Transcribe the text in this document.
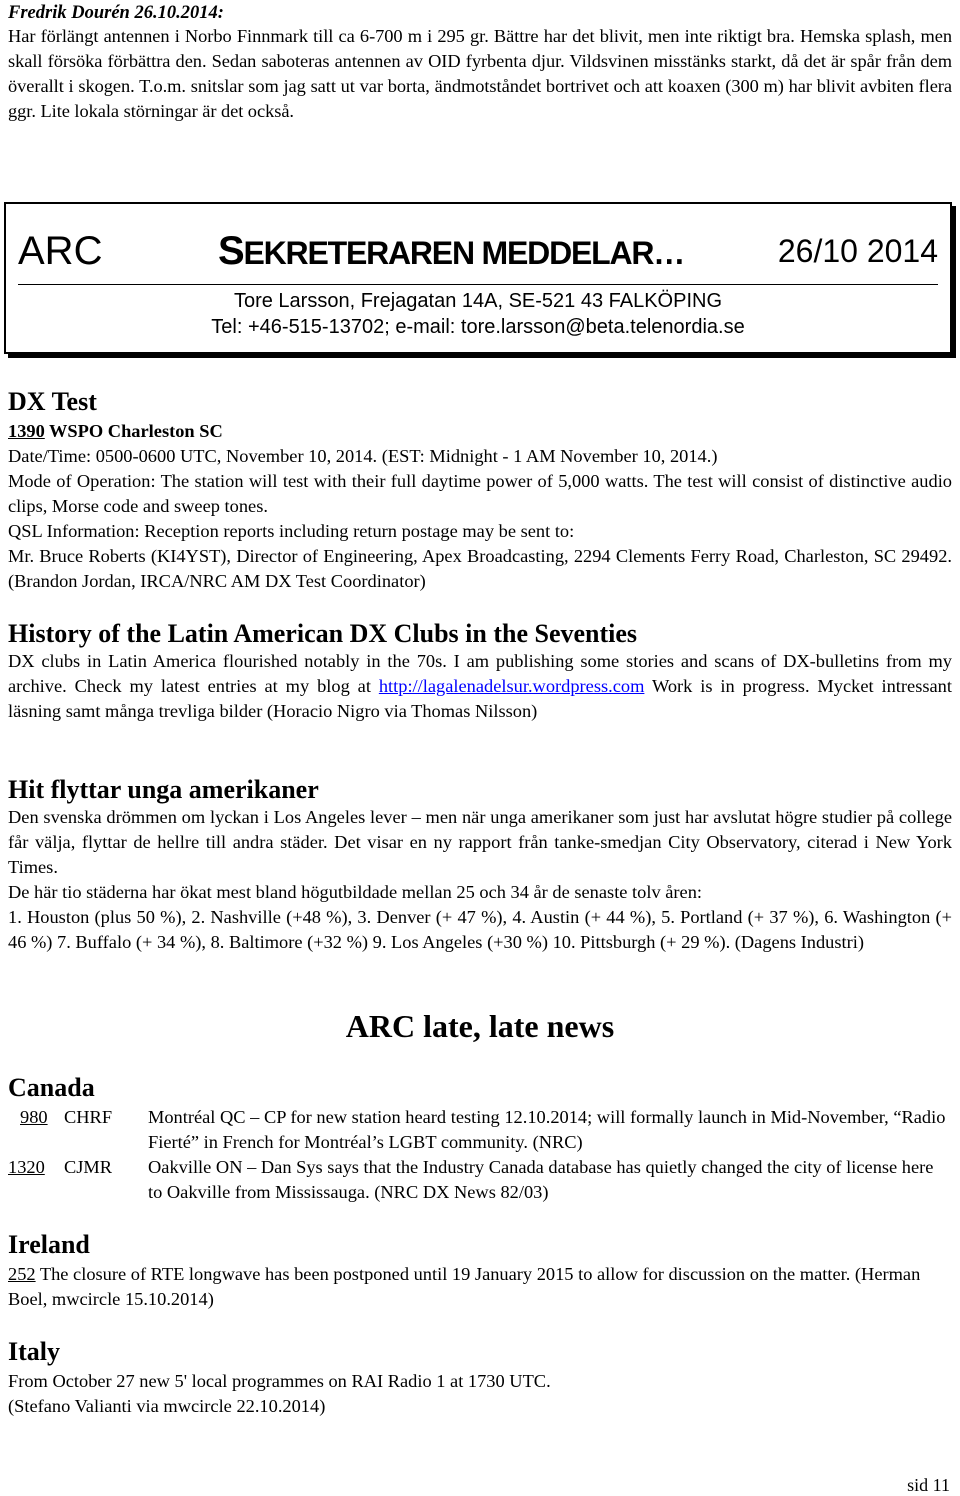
Fredrik Dourén 26.10.2014:

Har förlängt antennen i Norbo Finnmark till ca 6-700 m i 295 gr. Bättre har det blivit, men inte riktigt bra. Hemska splash, men skall försöka förbättra den. Sedan saboteras antennen av OID fyrbenta djur. Vildsvinen misstänks starkt, då det är spår från dem överallt i skogen. T.o.m. snitslar som jag satt ut var borta, ändmotståndet bortrivet och att koaxen (300 m) har blivit avbiten flera ggr. Lite lokala störningar är det också.

ARC	SEKRETERAREN MEDDELAR…	26/10 2014
Tore Larsson, Frejagatan 14A, SE-521 43 FALKÖPING
Tel: +46-515-13702; e-mail: tore.larsson@beta.telenordia.se
DX Test

1390 WSPO Charleston SC

Date/Time: 0500-0600 UTC, November 10, 2014. (EST: Midnight - 1 AM November 10, 2014.)

Mode of Operation: The station will test with their full daytime power of 5,000 watts. The test will consist of distinctive audio clips, Morse code and sweep tones.

QSL Information: Reception reports including return postage may be sent to:

Mr. Bruce Roberts (KI4YST), Director of Engineering, Apex Broadcasting, 2294 Clements Ferry Road, Charleston, SC 29492. (Brandon Jordan, IRCA/NRC AM DX Test Coordinator)

History of the Latin American DX Clubs in the Seventies

DX clubs in Latin America flourished notably in the 70s. I am publishing some stories and scans of DX-bulletins from my archive. Check my latest entries at my blog at http://lagalenadelsur.wordpress.com Work is in progress. Mycket intressant läsning samt många trevliga bilder (Horacio Nigro via Thomas Nilsson)

Hit flyttar unga amerikaner

Den svenska drömmen om lyckan i Los Angeles lever – men när unga amerikaner som just har avslutat högre studier på college får välja, flyttar de hellre till andra städer. Det visar en ny rapport från tanke-smedjan City Observatory, citerad i New York Times.

De här tio städerna har ökat mest bland högutbildade mellan 25 och 34 år de senaste tolv åren:

1. Houston (plus 50 %), 2. Nashville (+48 %), 3. Denver (+ 47 %), 4. Austin (+ 44 %), 5. Portland (+ 37 %), 6. Washington (+ 46 %) 7. Buffalo (+ 34 %), 8. Baltimore (+32 %) 9. Los Angeles (+30 %) 10. Pittsburgh (+ 29 %). (Dagens Industri)

ARC late, late news
Canada
980 CHRF Montréal QC – CP for new station heard testing 12.10.2014; will formally launch in Mid-November, “Radio Fierté” in French for Montréal’s LGBT community. (NRC)
1320 CJMR Oakville ON – Dan Sys says that the Industry Canada database has quietly changed the city of license here to Oakville from Mississauga. (NRC DX News 82/03)
Ireland

252 The closure of RTE longwave has been postponed until 19 January 2015 to allow for discussion on the matter. (Herman Boel, mwcircle 15.10.2014)

Italy

From October 27 new 5' local programmes on RAI Radio 1 at 1730 UTC.

(Stefano Valianti via mwcircle 22.10.2014)

sid 11
